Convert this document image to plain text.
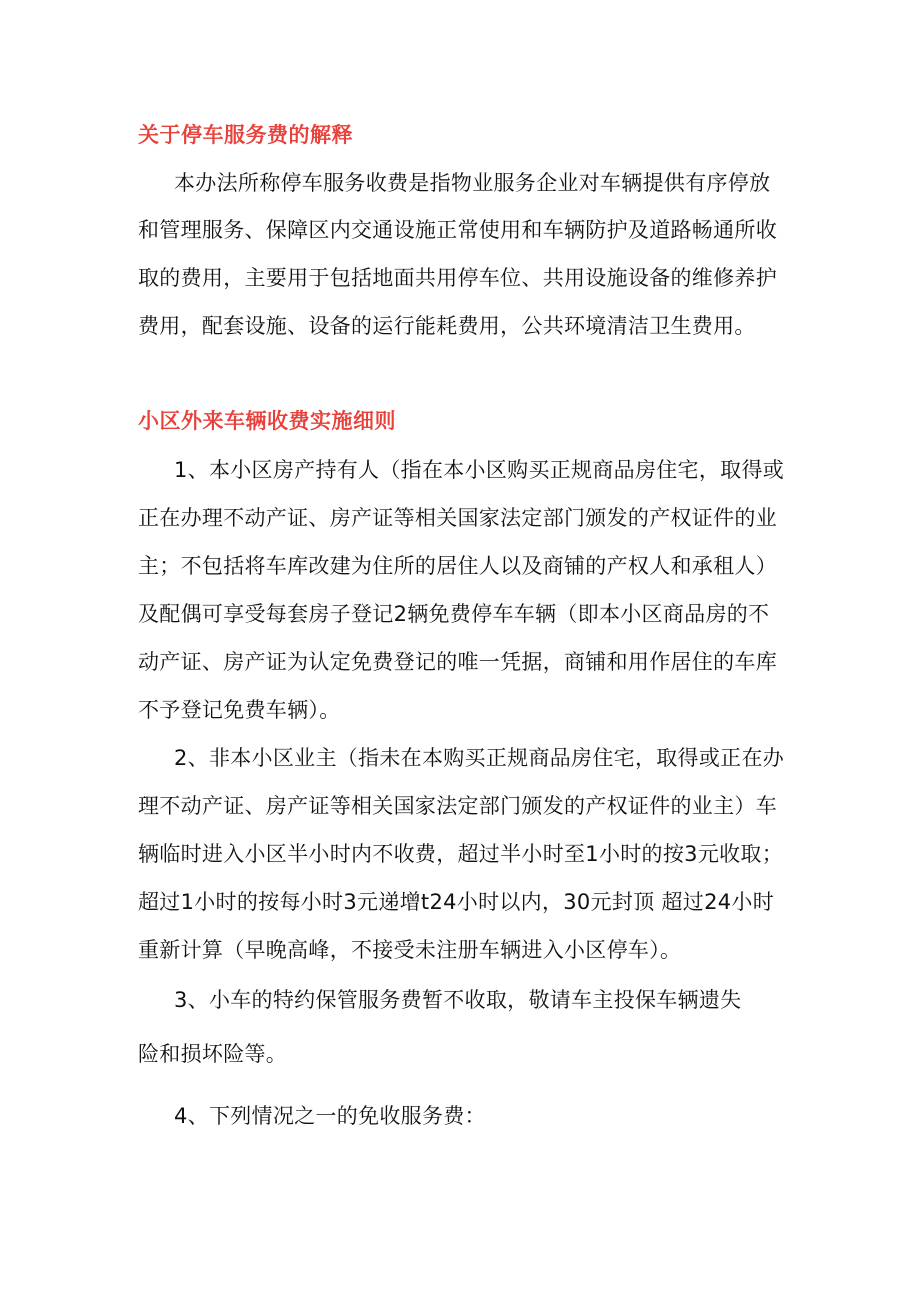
关于停车服务费的解释
本办法所称停车服务收费是指物业服务企业对车辆提供有序停放
和管理服务、保障区内交通设施正常使用和车辆防护及道路畅通所收
取的费用，主要用于包括地面共用停车位、共用设施设备的维修养护
费用，配套设施、设备的运行能耗费用，公共环境清洁卫生费用。
小区外来车辆收费实施细则
1、本小区房产持有人（指在本小区购买正规商品房住宅，取得或
正在办理不动产证、房产证等相关国家法定部门颁发的产权证件的业
主；不包括将车库改建为住所的居住人以及商铺的产权人和承租人）
及配偶可享受每套房子登记2辆免费停车车辆（即本小区商品房的不
动产证、房产证为认定免费登记的唯一凭据，商铺和用作居住的车库
不予登记免费车辆）。
2、非本小区业主（指未在本购买正规商品房住宅，取得或正在办
理不动产证、房产证等相关国家法定部门颁发的产权证件的业主）车
辆临时进入小区半小时内不收费，超过半小时至1小时的按3元收取；
超过1小时的按每小时3元递增t24小时以内，30元封顶 超过24小时
重新计算（早晚高峰，不接受未注册车辆进入小区停车）。
3、小车的特约保管服务费暂不收取，敬请车主投保车辆遗失
险和损坏险等。
4、下列情况之一的免收服务费：
